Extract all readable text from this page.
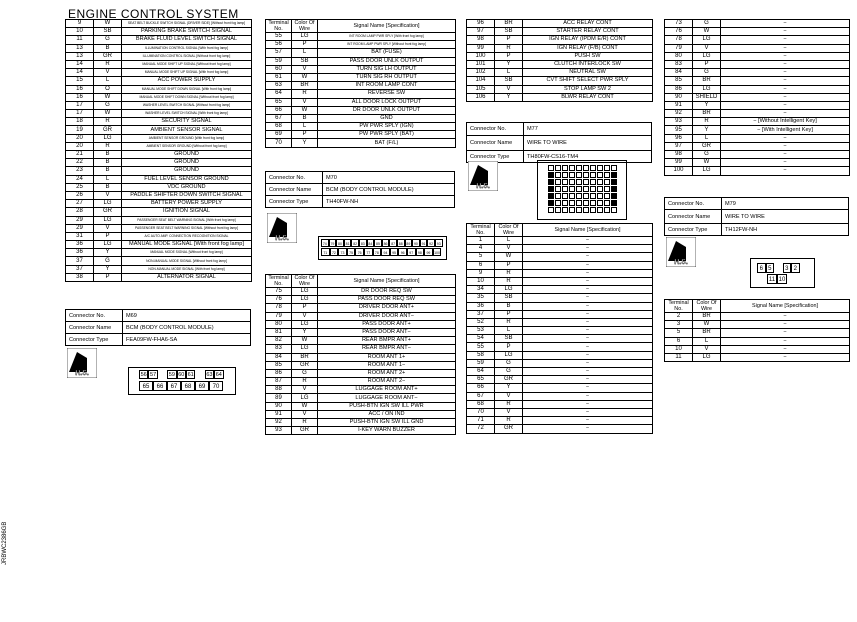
ENGINE CONTROL SYSTEM
9	W	SEAT BELT BUCKLE SWITCH SIGNAL (DRIVER SIDE) [Without front fog lamp]
10	SB	PARKING BRAKE SWITCH SIGNAL
11	G	BRAKE FLUID LEVEL SWITCH SIGNAL
13	B	ILLUMINATION CONTROL SIGNAL [With front fog lamp]
13	GR	ILLUMINATION CONTROL SIGNAL [Without front fog lamp]
14	R	MANUAL MODE SHIFT UP SIGNAL [Without front fog lamp]
14	V	MANUAL MODE SHIFT UP SIGNAL [With front fog lamp]
15	L	ACC POWER SUPPLY
16	O	MANUAL MODE SHIFT DOWN SIGNAL [With front fog lamp]
16	W	MANUAL MODE SHIFT DOWN SIGNAL [Without front fog lamp]
17	G	WASHER LEVEL SWITCH SIGNAL [Without front fog lamp]
17	W	WASHER LEVEL SWITCH SIGNAL [With front fog lamp]
18	R	SECURITY SIGNAL
19	GR	AMBIENT SENSOR SIGNAL
20	LG	AMBIENT SENSOR GROUND [With front fog lamp]
20	R	AMBIENT SENSOR GROUND [Without front fog lamp]
21	B	GROUND
22	B	GROUND
23	B	GROUND
24	L	FUEL LEVEL SENSOR GROUND
25	B	VDC GROUND
26	V	PADDLE SHIFTER DOWN SWITCH SIGNAL
27	LG	BATTERY POWER SUPPLY
28	GR	IGNITION SIGNAL
29	LG	PASSENGER SEAT BELT WARNING SIGNAL [With front fog lamp]
29	V	PASSENGER SEAT BELT WARNING SIGNAL [Without front fog lamp]
31	P	A/C AUTO AMP. CONNECTION RECOGNITION SIGNAL
36	LG	MANUAL MODE SIGNAL [With front fog lamp]
36	Y	MANUAL MODE SIGNAL [Without front fog lamp]
37	G	NON-MANUAL MODE SIGNAL [Without front fog lamp]
37	Y	NON-MANUAL MODE SIGNAL [With front fog lamp]
38	P	ALTERNATOR SIGNAL
Connector No.	M69
Connector Name	BCM (BODY CONTROL MODULE)
Connector Type	FEA09FW-FHA6-SA
H.S.	56 57 59 60 61 63 64
65	66	67	68	69	70
Terminal
No.	Color Of
Wire	Signal Name [Specification]
55	LG	INT ROOM LAMP PWR SPLY [With front fog lamp]
56	P	INT ROOM LAMP PWR SPLY [Without front fog lamp]
57	L	BAT (FUSE)
59	SB	PASS DOOR UNLK OUTPUT
60	V	TURN SIG LH OUTPUT
61	W	TURN SIG RH OUTPUT
63	BR	INT ROOM LAMP CONT
64	R	REVERSE SW
65	V	ALL DOOR LOCK OUTPUT
66	W	DR DOOR UNLK OUTPUT
67	B	GND
68	L	PW PWR SPLY (IGN)
69	P	PW PWR SPLY (BAT)
70	Y	BAT (F/L)
Connector No.	M70
Connector Name	BCM (BODY CONTROL MODULE)
Connector Type	TH40FW-NH
H.S.
74	79	80	81	82	83	84	85	86	87	88	89	90	91	92	93
71	72	73	75	76	77	78	94	95	96	97	98	99	100
Terminal
No.	Color Of
Wire	Signal Name [Specification]
75	LG	DR DOOR REQ SW
76	LG	PASS DOOR REQ SW
78	P	DRIVER DOOR ANT+
79	V	DRIVER DOOR ANT−
80	LG	PASS DOOR ANT+
81	Y	PASS DOOR ANT−
82	W	REAR BMPR ANT+
83	LG	REAR BMPR ANT−
84	BR	ROOM ANT 1+
85	GR	ROOM ANT 1−
86	G	ROOM ANT 2+
87	R	ROOM ANT 2−
88	V	LUGGAGE ROOM ANT+
89	LG	LUGGAGE ROOM ANT−
90	W	PUSH-BTN IGN SW ILL PWR
91	V	ACC / ON IND
92	R	PUSH-BTN IGN SW ILL GND
93	GR	I-KEY WARN BUZZER
96	BR	ACC RELAY CONT
97	SB	STARTER RELAY CONT
98	P	IGN RELAY (IPDM E/R) CONT
99	R	IGN RELAY (F/B) CONT
100	P	PUSH SW
101	Y	CLUTCH INTERLOCK SW
102	L	NEUTRAL SW
104	SB	CVT SHIFT SELECT PWR SPLY
105	V	STOP LAMP SW 2
106	Y	BLWR RELAY CONT
Connector No.	M77
Connector Name	WIRE TO WIRE
Connector Type	TH80FW-CS16-TM4
H.S.
Terminal
No.	Color Of
Wire	Signal Name [Specification]
1	L	−
4	V	−
5	W	−
6	P	−
9	R	−
10	R	−
34	LG	−
35	SB	−
36	B	−
37	P	−
52	R	−
53	L	−
54	SB	−
55	P	−
58	LG	−
59	G	−
64	G	−
65	GR	−
66	Y	−
67	V	−
68	R	−
70	V	−
71	R	−
72	GR	−
73	G	−
76	W	−
78	LG	−
79	V	−
80	LG	−
83	P	−
84	G	−
85	BR	−
86	LG	−
90	SHIELD	−
91	Y	−
92	BR	−
93	R	− [Without Intelligent Key]
95	Y	− [With Intelligent Key]
96	L	−
97	GR	−
98	G	−
99	W	−
100	LG	−
Connector No.	M79
Connector Name	WIRE TO WIRE
Connector Type	TH12FW-NH
H.S.
6 5	3 2
11 10
Terminal
No.	Color Of
Wire	Signal Name [Specification]
2	BR	−
3	W	−
5	BR	−
6	L	−
10	V	−
11	LG	−
JRBWC2386GB
